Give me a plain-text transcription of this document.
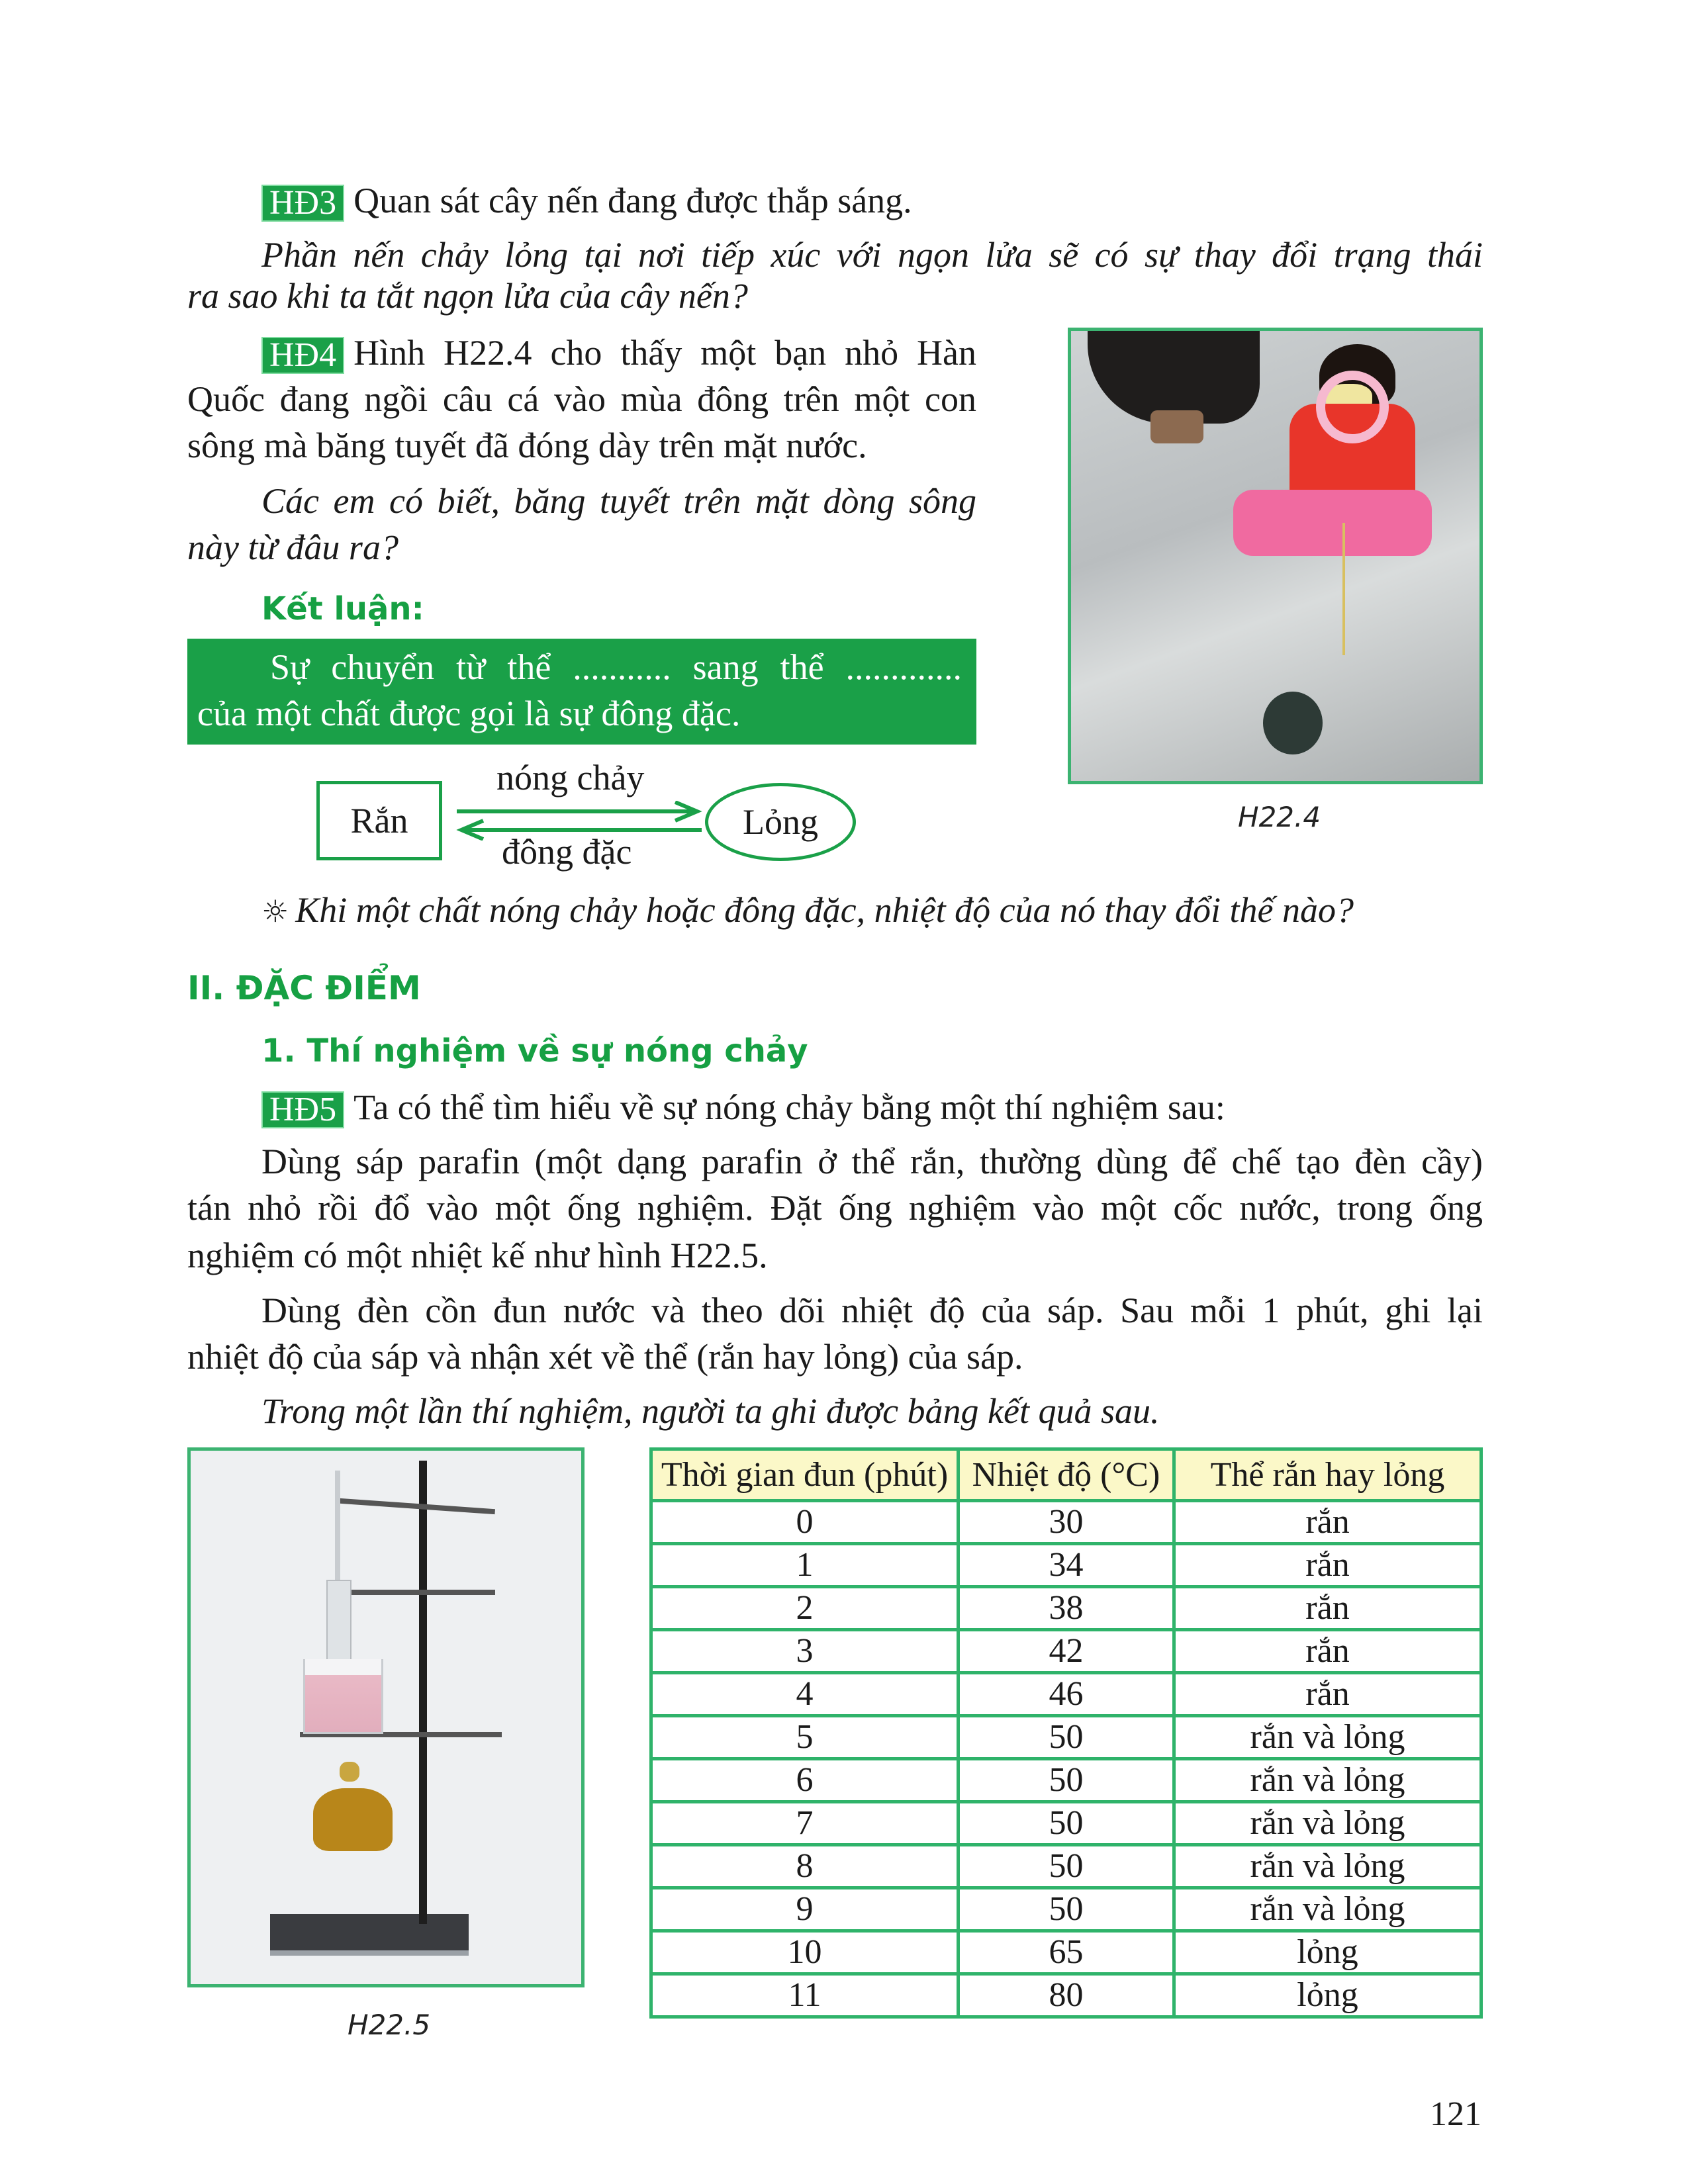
HĐ3 Quan sát cây nến đang được thắp sáng.
Phần nến chảy lỏng tại nơi tiếp xúc với ngọn lửa sẽ có sự thay đổi trạng thái
ra sao khi ta tắt ngọn lửa của cây nến?
HĐ4 Hình H22.4 cho thấy một bạn nhỏ Hàn
Quốc đang ngồi câu cá vào mùa đông trên một con
sông mà băng tuyết đã đóng dày trên mặt nước.
Các em có biết, băng tuyết trên mặt dòng sông
này từ đâu ra?
Kết luận:
Sự chuyển từ thể ........... sang thể .............
của một chất được gọi là sự đông đặc.
Rắn
nóng chảy
đông đặc
Lỏng	H22.4
☼ Khi một chất nóng chảy hoặc đông đặc, nhiệt độ của nó thay đổi thế nào?
II. ĐẶC ĐIỂM
1. Thí nghiệm về sự nóng chảy
HĐ5 Ta có thể tìm hiểu về sự nóng chảy bằng một thí nghiệm sau:
Dùng sáp parafin (một dạng parafin ở thể rắn, thường dùng để chế tạo đèn cầy)
tán nhỏ rồi đổ vào một ống nghiệm. Đặt ống nghiệm vào một cốc nước, trong ống
nghiệm có một nhiệt kế như hình H22.5.
Dùng đèn cồn đun nước và theo dõi nhiệt độ của sáp. Sau mỗi 1 phút, ghi lại
nhiệt độ của sáp và nhận xét về thể (rắn hay lỏng) của sáp.
Trong một lần thí nghiệm, người ta ghi được bảng kết quả sau.
H22.5
Thời gian đun (phút)	Nhiệt độ (°C)	Thể rắn hay lỏng
0	30	rắn
1	34	rắn
2	38	rắn
3	42	rắn
4	46	rắn
5	50	rắn và lỏng
6	50	rắn và lỏng
7	50	rắn và lỏng
8	50	rắn và lỏng
9	50	rắn và lỏng
10	65	lỏng
11	80	lỏng
121
